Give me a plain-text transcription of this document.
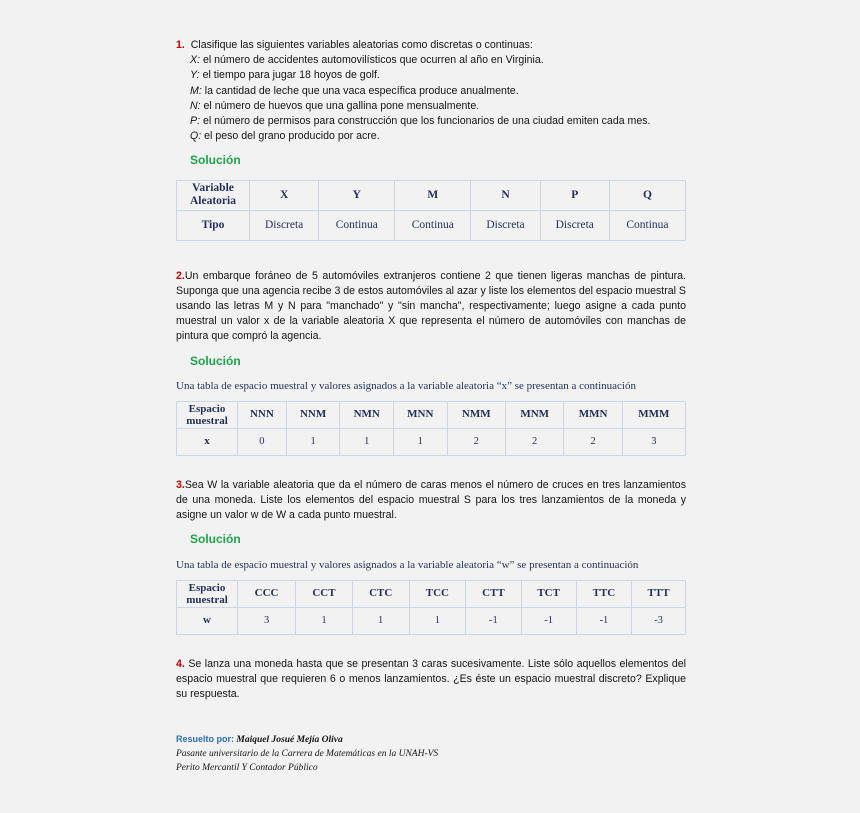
1. Clasifique las siguientes variables aleatorias como discretas o continuas:

X: el número de accidentes automovilísticos que ocurren al año en Virginia.
Y: el tiempo para jugar 18 hoyos de golf.
M: la cantidad de leche que una vaca específica produce anualmente.
N: el número de huevos que una gallina pone mensualmente.
P: el número de permisos para construcción que los funcionarios de una ciudad emiten cada mes.
Q: el peso del grano producido por acre.

Solución

Variable Aleatoria	X	Y	M	N	P	Q
Tipo	Discreta	Continua	Continua	Discreta	Discreta	Continua

2.Un embarque foráneo de 5 automóviles extranjeros contiene 2 que tienen ligeras manchas de pintura. Suponga que una agencia recibe 3 de estos automóviles al azar y liste los elementos del espacio muestral S usando las letras M y N para "manchado" y "sin mancha", respectivamente; luego asigne a cada punto muestral un valor x de la variable aleatoria X que representa el número de automóviles con manchas de pintura que compró la agencia.

Solución

Una tabla de espacio muestral y valores asignados a la variable aleatoria “x” se presentan a continuación

Espacio muestral	NNN	NNM	NMN	MNN	NMM	MNM	MMN	MMM
x	0	1	1	1	2	2	2	3

3.Sea W la variable aleatoria que da el número de caras menos el número de cruces en tres lanzamientos de una moneda. Liste los elementos del espacio muestral S para los tres lanzamientos de la moneda y asigne un valor w de W a cada punto muestral.

Solución

Una tabla de espacio muestral y valores asignados a la variable aleatoria “w” se presentan a continuación

Espacio muestral	CCC	CCT	CTC	TCC	CTT	TCT	TTC	TTT
w	3	1	1	1	-1	-1	-1	-3

4. Se lanza una moneda hasta que se presentan 3 caras sucesivamente. Liste sólo aquellos elementos del espacio muestral que requieren 6 o menos lanzamientos. ¿Es éste un espacio muestral discreto? Explique su respuesta.

Resuelto por: Maiquel Josué Mejía Oliva
Pasante universitario de la Carrera de Matemáticas en la UNAH-VS
Perito Mercantil Y Contador Público
